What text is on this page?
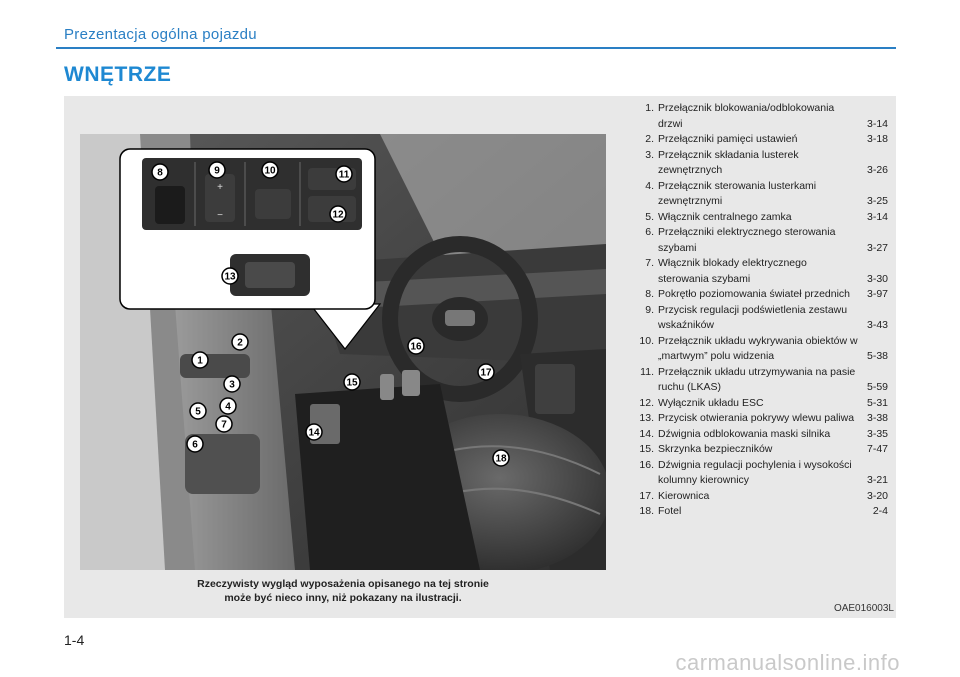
Prezentacja ogólna pojazdu
WNĘTRZE
+
−
8	9	10	11
12
13
1
2
3
4
5
6
7
14
15
16
17
18
Rzeczywisty wygląd wyposażenia opisanego na tej stronie
może być nieco inny, niż pokazany na ilustracji.
1. Przełącznik blokowania/odblokowania drzwi	3-14
2. Przełączniki pamięci ustawień	3-18
3. Przełącznik składania lusterek zewnętrznych	3-26
4. Przełącznik sterowania lusterkami zewnętrznymi	3-25
5. Włącznik centralnego zamka	3-14
6. Przełączniki elektrycznego sterowania szybami	3-27
7. Włącznik blokady elektrycznego sterowania szybami	3-30
8. Pokrętło poziomowania świateł przednich	3-97
9. Przycisk regulacji podświetlenia zestawu wskaźników	3-43
10. Przełącznik układu wykrywania obiektów w „martwym” polu widzenia	5-38
11. Przełącznik układu utrzymywania na pasie ruchu (LKAS)	5-59
12. Wyłącznik układu ESC	5-31
13. Przycisk otwierania pokrywy wlewu paliwa	3-38
14. Dźwignia odblokowania maski silnika	3-35
15. Skrzynka bezpieczników	7-47
16. Dźwignia regulacji pochylenia i wysokości kolumny kierownicy	3-21
17. Kierownica	3-20
18. Fotel	2-4
OAE016003L
1-4
carmanualsonline.info
